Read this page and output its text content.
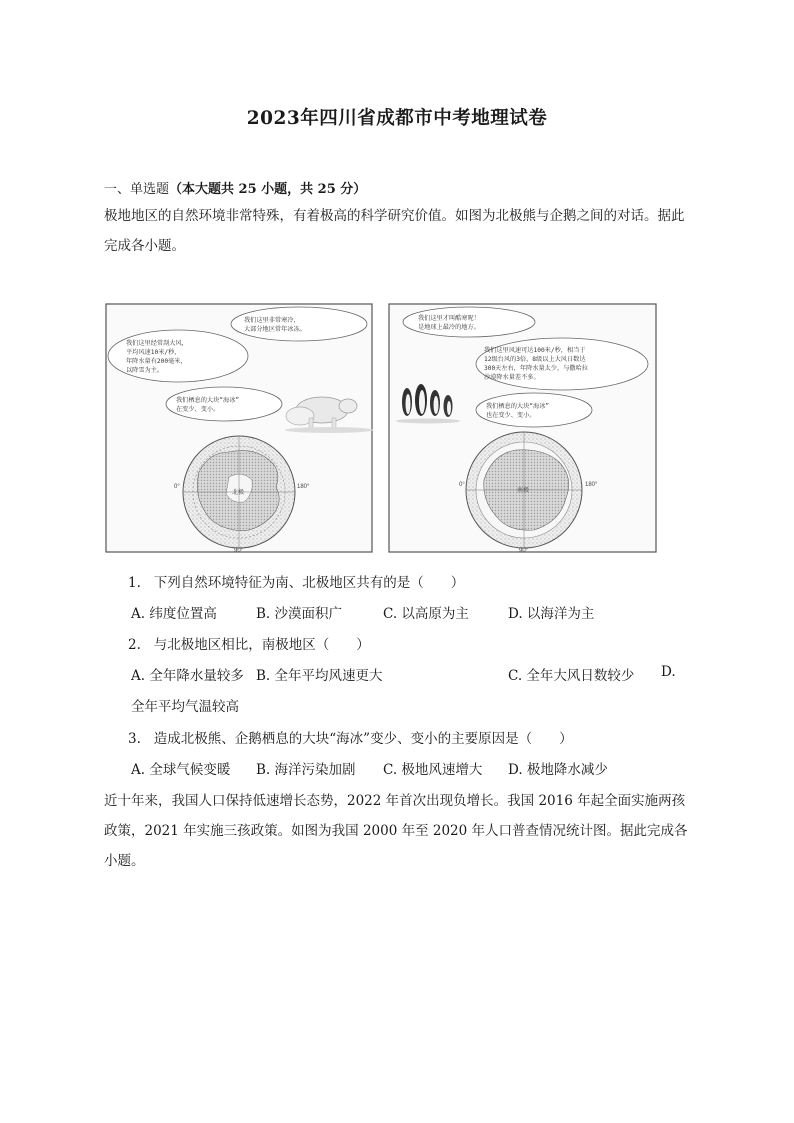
2023年四川省成都市中考地理试卷
一、单选题（本大题共 25 小题，共 25 分）
极地地区的自然环境非常特殊，有着极高的科学研究价值。如图为北极熊与企鹅之间的对话。据此完成各小题。
我们这里非常寒冷，
大部分地区常年冰冻。
我们这里经常刮大风，
平均风速10米/秒，
年降水量有200毫米，
以降雪为主。
我们栖息的大块“海冰”
在变少、变小。
北极
180°
0°
90°
我们这里才叫酷寒呢！
是地球上最冷的地方。
我们这里风速可达100米/秒，相当于
12级台风的3倍，8级以上大风日数达
300天左右，年降水量太少，与撒哈拉
沙漠降水量差不多。
我们栖息的大块“海冰”
也在变少、变小。
南极
180°
0°
90°
1. 下列自然环境特征为南、北极地区共有的是（　　）
A. 纬度位置高	B. 沙漠面积广	C. 以高原为主	D. 以海洋为主
2. 与北极地区相比，南极地区（　　）
A. 全年降水量较多 B. 全年平均风速更大	C. 全年大风日数较少 D.
全年平均气温较高
3. 造成北极熊、企鹅栖息的大块“海冰”变少、变小的主要原因是（　　）
A. 全球气候变暖 B. 海洋污染加剧 C. 极地风速增大 D. 极地降水减少
近十年来，我国人口保持低速增长态势，2022 年首次出现负增长。我国 2016 年起全面实施两孩政策，2021 年实施三孩政策。如图为我国 2000 年至 2020 年人口普查情况统计图。据此完成各小题。
